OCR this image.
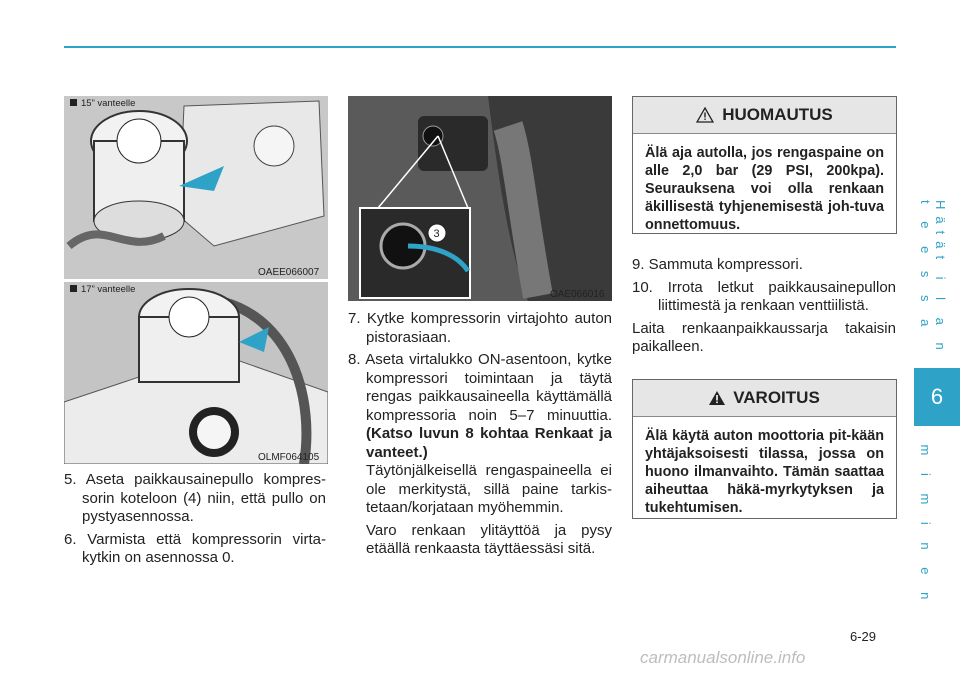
Hätät i l a n t e e s s a
6
i m i m i n e n
15” vanteelle
OAEE066007
17” vanteelle
OLMF064105
3
OAE066016

5. Aseta paikkausainepullo kompres-sorin koteloon (4) niin, että pullo on pystyasennossa.

6. Varmista että kompressorin virta-kytkin on asennossa 0.

7. Kytke kompressorin virtajohto auton pistorasiaan.

8. Aseta virtalukko ON-asentoon, kytke kompressori toimintaan ja täytä rengas paikkausaineella käyttämällä kompressoria noin 5–7 minuuttia. (Katso luvun 8 kohtaa Renkaat ja vanteet.)

Täytönjälkeisellä rengaspaineella ei ole merkitystä, sillä paine tarkis-tetaan/korjataan myöhemmin.

Varo renkaan ylitäyttöä ja pysy etäällä renkaasta täyttäessäsi sitä.

HUOMAUTUS
Älä aja autolla, jos rengaspaine on alle 2,0 bar (29 PSI, 200kpa). Seurauksena voi olla renkaan äkillisestä tyhjenemisestä joh-tuva onnettomuus.

9. Sammuta kompressori.

10. Irrota letkut paikkausainepullon liittimestä ja renkaan venttiilistä.

Laita renkaanpaikkaussarja takaisin paikalleen.

VAROITUS
Älä käytä auton moottoria pit-kään yhtäjaksoisesti tilassa, jossa on huono ilmanvaihto. Tämän saattaa aiheuttaa häkä-myrkytyksen ja tukehtumisen.
6-29
carmanualsonline.info
